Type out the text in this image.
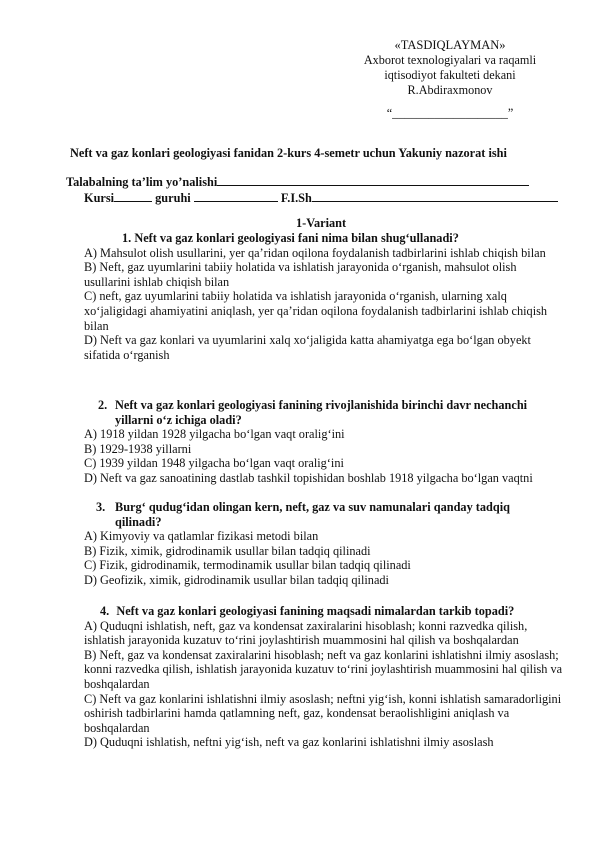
«TASDIQLAYMAN»
Axborot texnologiyalari va raqamli
iqtisodiyot fakulteti dekani
R.Abdiraxmonov
“___________________”
Neft va gaz konlari geologiyasi fanidan 2-kurs 4-semetr uchun Yakuniy nazorat ishi
Talabalning ta’lim yo’nalishi
Kursi	guruhi	F.I.Sh
1-Variant
1. Neft va gaz konlari geologiyasi fani nima bilan shug‘ullanadi?

A) Mahsulot olish usullarini, yer qa’ridan oqilona foydalanish tadbirlarini ishlab chiqish bilan

B) Neft, gaz uyumlarini tabiiy holatida va ishlatish jarayonida o‘rganish, mahsulot olish usullarini ishlab chiqish bilan

C) neft, gaz uyumlarini tabiiy holatida va ishlatish jarayonida o‘rganish, ularning xalq xo‘jaligidagi ahamiyatini aniqlash, yer qa’ridan oqilona foydalanish tadbirlarini ishlab chiqish bilan

D) Neft va gaz konlari va uyumlarini xalq xo‘jaligida katta ahamiyatga ega bo‘lgan obyekt sifatida o‘rganish

2. Neft va gaz konlari geologiyasi fanining rivojlanishida birinchi davr nechanchi yillarni o‘z ichiga oladi?

A) 1918 yildan 1928 yilgacha bo‘lgan vaqt oralig‘ini

B) 1929-1938 yillarni

C) 1939 yildan 1948 yilgacha bo‘lgan vaqt oralig‘ini

D) Neft va gaz sanoatining dastlab tashkil topishidan boshlab 1918 yilgacha bo‘lgan vaqtni

3. Burg‘ qudug‘idan olingan kern, neft, gaz va suv namunalari qanday tadqiq qilinadi?

A) Kimyoviy va qatlamlar fizikasi metodi bilan

B) Fizik, ximik, gidrodinamik usullar bilan tadqiq qilinadi

C) Fizik, gidrodinamik, termodinamik usullar bilan tadqiq qilinadi

D) Geofizik, ximik, gidrodinamik usullar bilan tadqiq qilinadi

4. Neft va gaz konlari geologiyasi fanining maqsadi nimalardan tarkib topadi?

A) Quduqni ishlatish, neft, gaz va kondensat zaxiralarini hisoblash; konni razvedka qilish, ishlatish jarayonida kuzatuv to‘rini joylashtirish muammosini hal qilish va boshqalardan

B) Neft, gaz va kondensat zaxiralarini hisoblash; neft va gaz konlarini ishlatishni ilmiy asoslash; konni razvedka qilish, ishlatish jarayonida kuzatuv to‘rini joylashtirish muammosini hal qilish va boshqalardan

C) Neft va gaz konlarini ishlatishni ilmiy asoslash; neftni yig‘ish, konni ishlatish samaradorligini oshirish tadbirlarini hamda qatlamning neft, gaz, kondensat beraolishligini aniqlash va boshqalardan

D) Quduqni ishlatish, neftni yig‘ish, neft va gaz konlarini ishlatishni ilmiy asoslash
